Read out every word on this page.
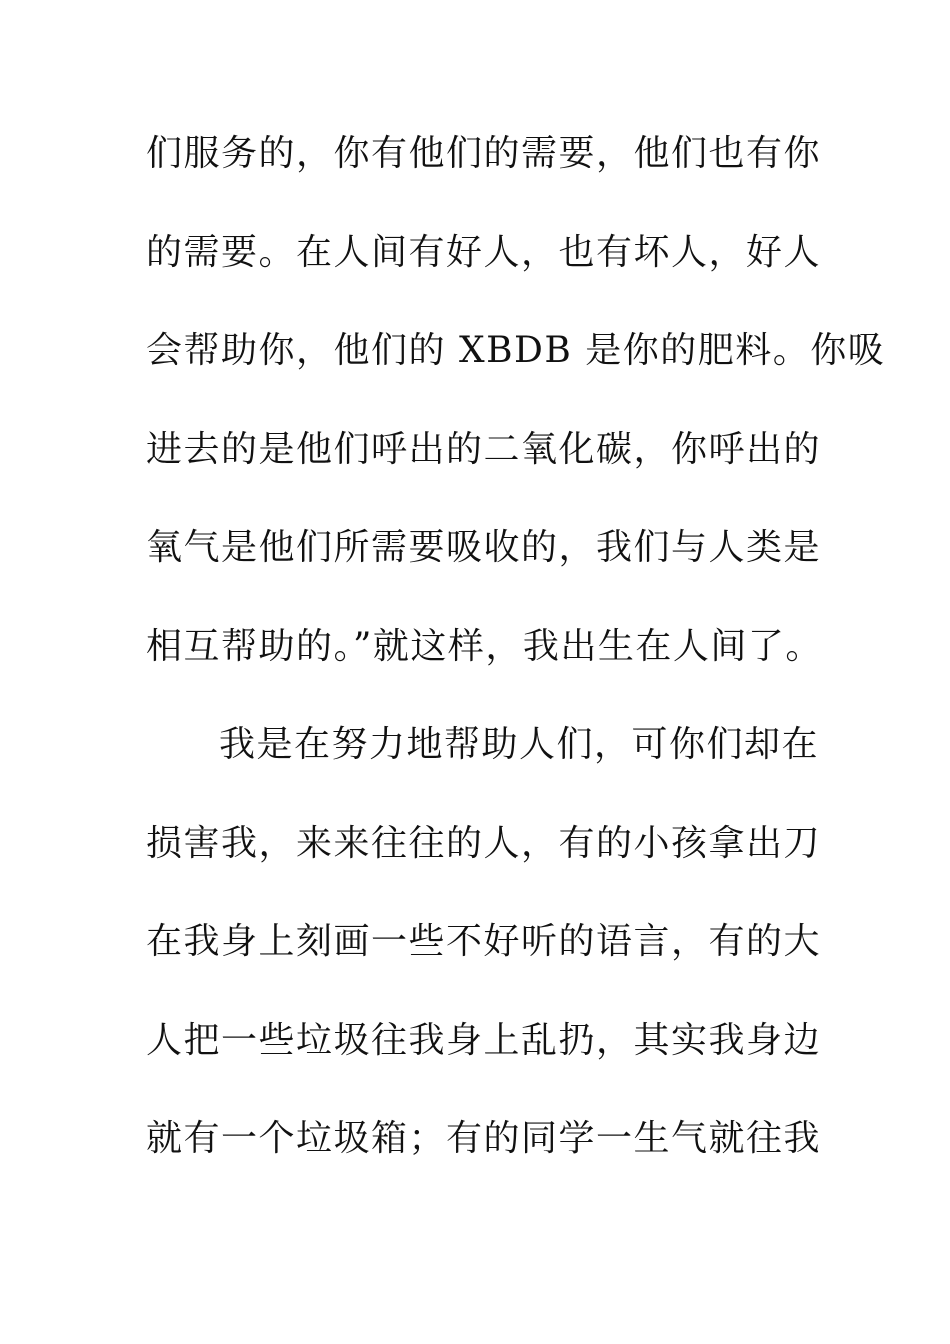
们服务的，你有他们的需要，他们也有你
的需要。在人间有好人，也有坏人，好人
会帮助你，他们的 XBDB 是你的肥料。你吸
进去的是他们呼出的二氧化碳，你呼出的
氧气是他们所需要吸收的，我们与人类是
相互帮助的。”就这样，我出生在人间了。
我是在努力地帮助人们，可你们却在
损害我，来来往往的人，有的小孩拿出刀
在我身上刻画一些不好听的语言，有的大
人把一些垃圾往我身上乱扔，其实我身边
就有一个垃圾箱；有的同学一生气就往我
